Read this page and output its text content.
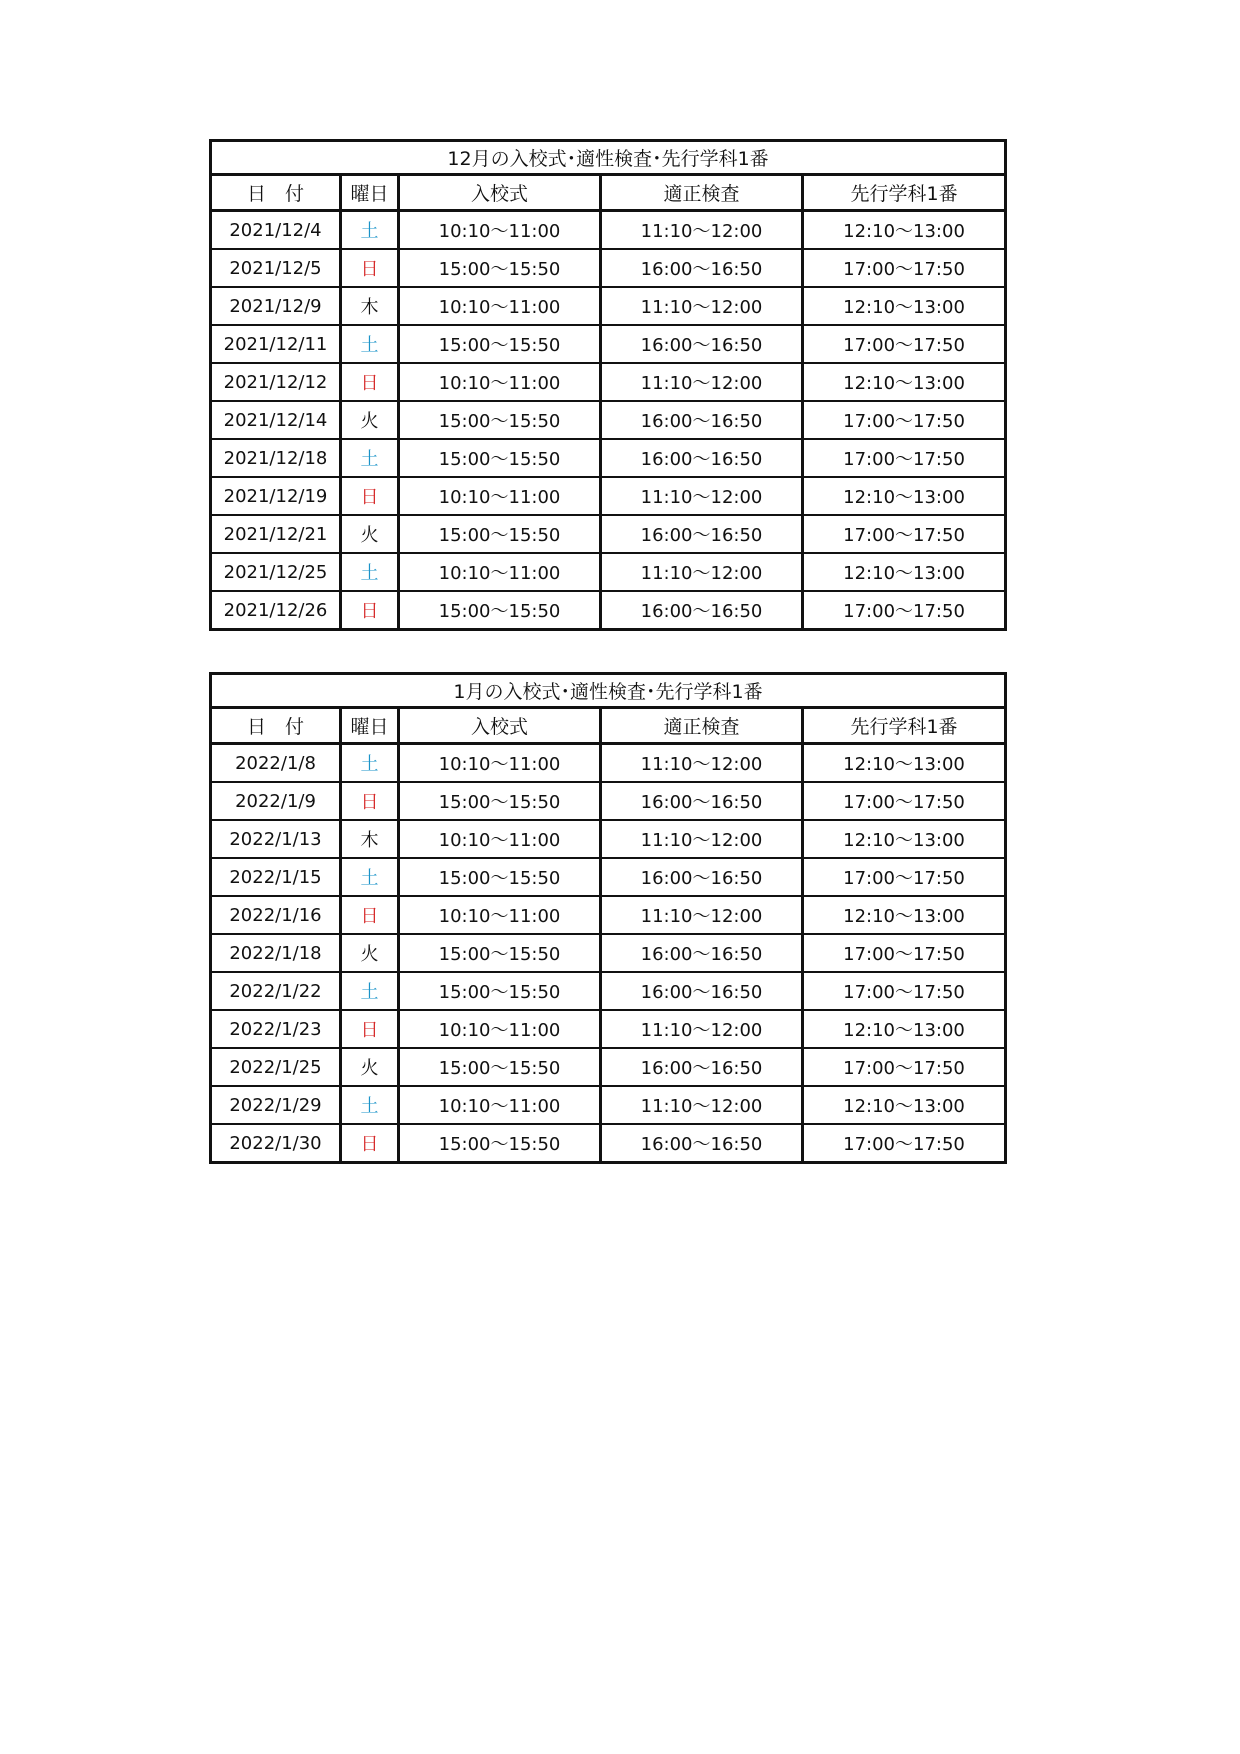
12月の入校式･適性検査･先行学科1番				
日　付	曜日	入校式	適正検査	先行学科1番
2021/12/4	土	10:10～11:00	11:10～12:00	12:10～13:00
2021/12/5	日	15:00～15:50	16:00～16:50	17:00～17:50
2021/12/9	木	10:10～11:00	11:10～12:00	12:10～13:00
2021/12/11	土	15:00～15:50	16:00～16:50	17:00～17:50
2021/12/12	日	10:10～11:00	11:10～12:00	12:10～13:00
2021/12/14	火	15:00～15:50	16:00～16:50	17:00～17:50
2021/12/18	土	15:00～15:50	16:00～16:50	17:00～17:50
2021/12/19	日	10:10～11:00	11:10～12:00	12:10～13:00
2021/12/21	火	15:00～15:50	16:00～16:50	17:00～17:50
2021/12/25	土	10:10～11:00	11:10～12:00	12:10～13:00
2021/12/26	日	15:00～15:50	16:00～16:50	17:00～17:50
1月の入校式･適性検査･先行学科1番				
日　付	曜日	入校式	適正検査	先行学科1番
2022/1/8	土	10:10～11:00	11:10～12:00	12:10～13:00
2022/1/9	日	15:00～15:50	16:00～16:50	17:00～17:50
2022/1/13	木	10:10～11:00	11:10～12:00	12:10～13:00
2022/1/15	土	15:00～15:50	16:00～16:50	17:00～17:50
2022/1/16	日	10:10～11:00	11:10～12:00	12:10～13:00
2022/1/18	火	15:00～15:50	16:00～16:50	17:00～17:50
2022/1/22	土	15:00～15:50	16:00～16:50	17:00～17:50
2022/1/23	日	10:10～11:00	11:10～12:00	12:10～13:00
2022/1/25	火	15:00～15:50	16:00～16:50	17:00～17:50
2022/1/29	土	10:10～11:00	11:10～12:00	12:10～13:00
2022/1/30	日	15:00～15:50	16:00～16:50	17:00～17:50
